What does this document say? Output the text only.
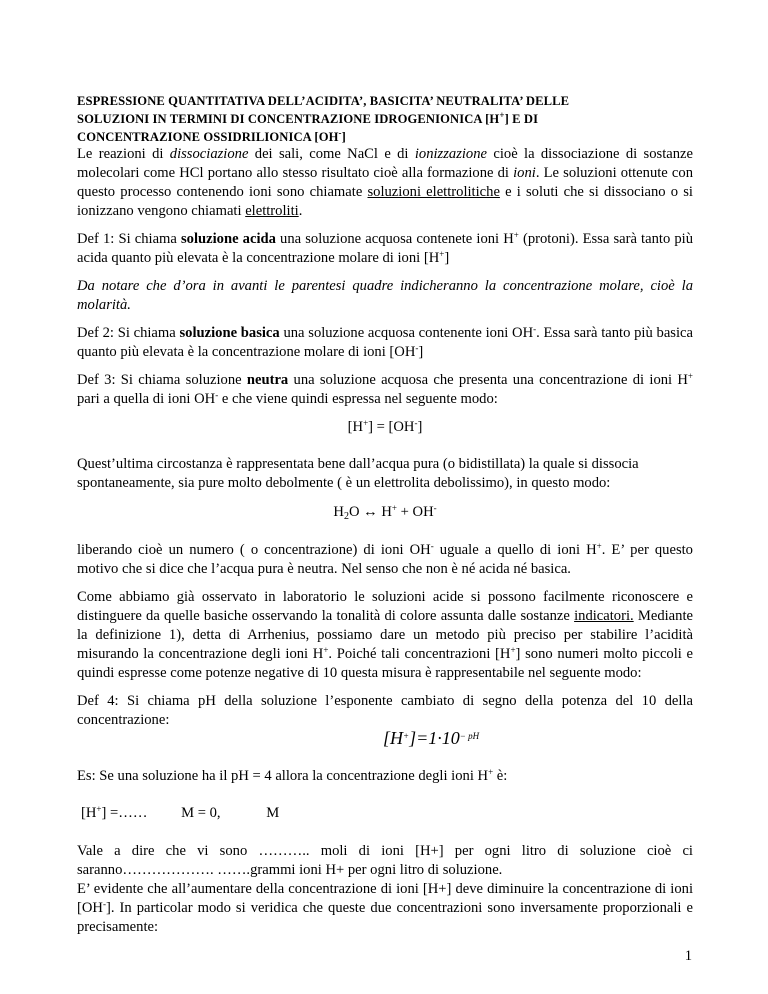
ESPRESSIONE QUANTITATIVA DELL’ACIDITA’, BASICITA’ NEUTRALITA’ DELLE
SOLUZIONI IN TERMINI DI CONCENTRAZIONE IDROGENIONICA [H+] E DI
CONCENTRAZIONE OSSIDRILIONICA [OH-]

Le reazioni di dissociazione dei sali, come NaCl e di ionizzazione cioè la dissociazione di sostanze molecolari come HCl portano allo stesso risultato cioè alla formazione di ioni. Le soluzioni ottenute con questo processo contenendo ioni sono chiamate soluzioni elettrolitiche e i soluti che si dissociano o si ionizzano vengono chiamati elettroliti.

Def 1: Si chiama soluzione acida una soluzione acquosa contenete ioni H+ (protoni). Essa sarà tanto più acida quanto più elevata è la concentrazione molare di ioni [H+]

Da notare che d’ora in avanti le parentesi quadre indicheranno la concentrazione molare, cioè la molarità.

Def 2: Si chiama soluzione basica una soluzione acquosa contenente ioni OH-. Essa sarà tanto più basica quanto più elevata è la concentrazione molare di ioni [OH-]

Def 3: Si chiama soluzione neutra una soluzione acquosa che presenta una concentrazione di ioni H+ pari a quella di ioni OH- e che viene quindi espressa nel seguente modo:

[H+] = [OH-]

Quest’ultima circostanza è rappresentata bene dall’acqua pura (o bidistillata) la quale si dissocia spontaneamente, sia pure molto debolmente ( è un elettrolita debolissimo), in questo modo:

$H_2O$ ↔ H+ + OH-

liberando cioè un numero ( o concentrazione) di ioni OH- uguale a quello di ioni H+. E’ per questo motivo che si dice che l’acqua pura è neutra. Nel senso che non è né acida né basica.

Come abbiamo già osservato in laboratorio le soluzioni acide si possono facilmente riconoscere e distinguere da quelle basiche osservando la tonalità di colore assunta dalle sostanze indicatori. Mediante la definizione 1), detta di Arrhenius, possiamo dare un metodo più preciso per stabilire l’acidità misurando la concentrazione degli ioni H+. Poiché tali concentrazioni [H+] sono numeri molto piccoli e quindi espresse come potenze negative di 10 questa misura è rappresentabile nel seguente modo:

Def 4: Si chiama pH della soluzione l’esponente cambiato di segno della potenza del 10 della concentrazione:

$[H^+]=1\cdot 10^{- pH}$

Es: Se una soluzione ha il pH = 4 allora la concentrazione degli ioni H+ è:

[H+] =…… M = 0,	M

Vale a dire che vi sono ……….. moli di ioni [H+] per ogni litro di soluzione cioè ci saranno………………. …….grammi ioni H+ per ogni litro di soluzione.
E’ evidente che all’aumentare della concentrazione di ioni [H+] deve diminuire la concentrazione di ioni [OH-]. In particolar modo si veridica che queste due concentrazioni sono inversamente proporzionali e precisamente:

1
